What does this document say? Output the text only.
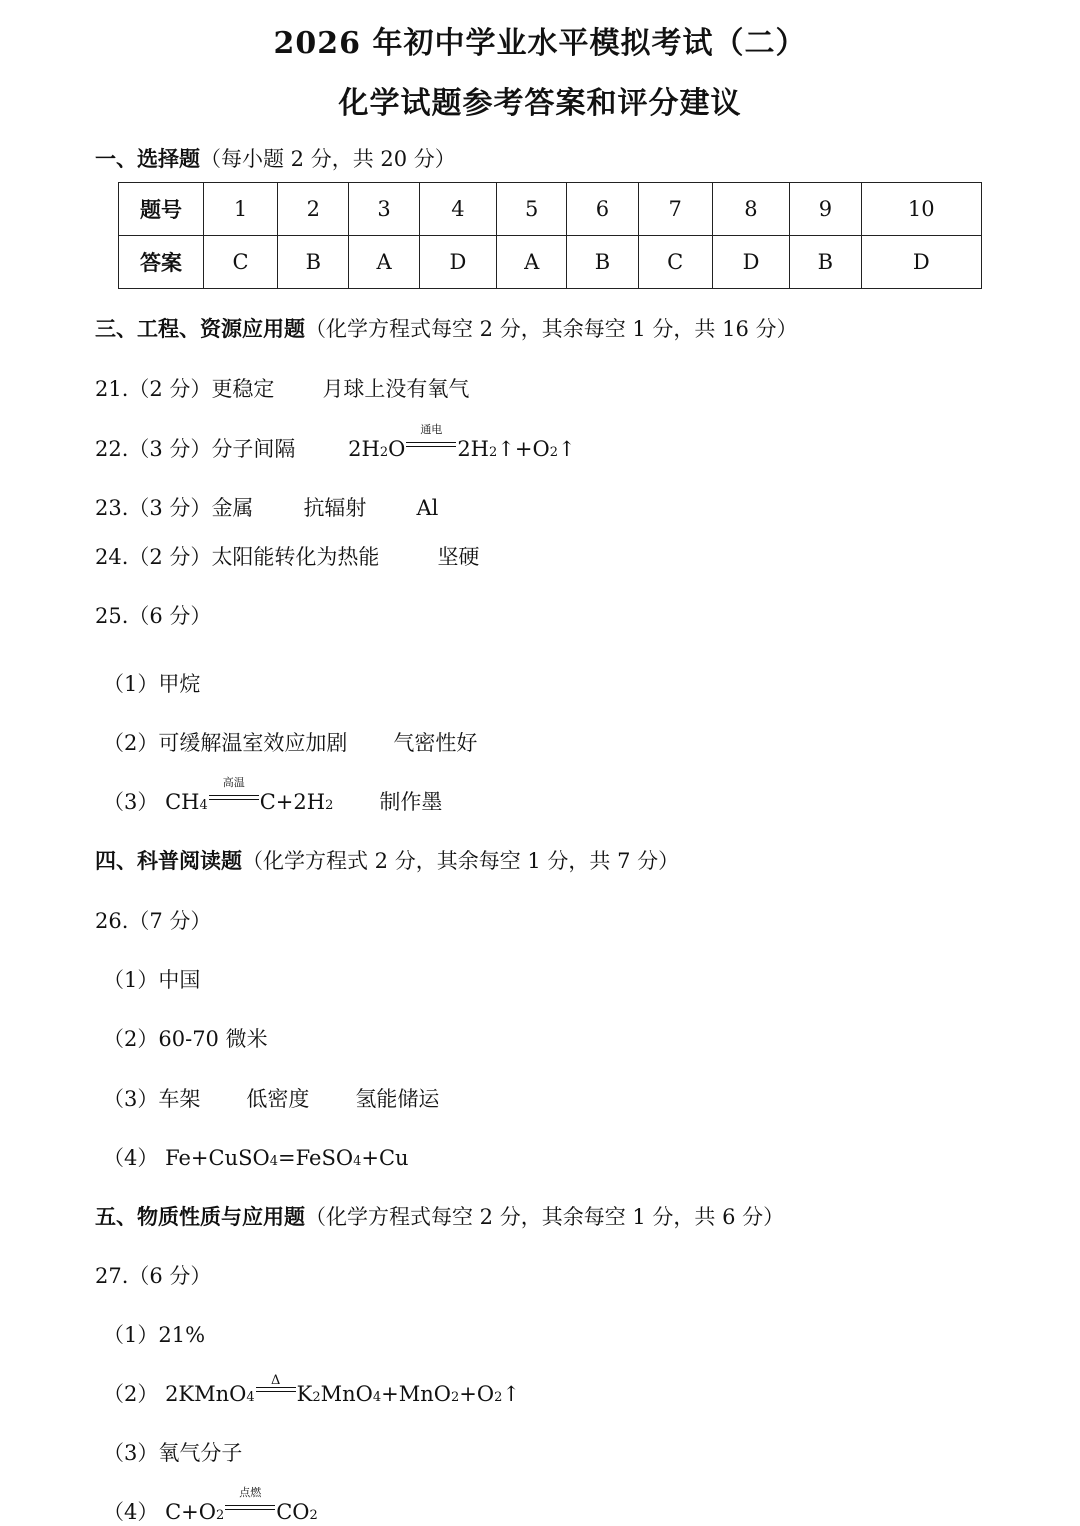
2026 年初中学业水平模拟考试（二）
化学试题参考答案和评分建议
一、选择题（每小题 2 分，共 20 分）
题号	1	2	3	4	5	6	7	8	9	10
答案	C	B	A	D	A	B	C	D	B	D
三、工程、资源应用题（化学方程式每空 2 分，其余每空 1 分，共 16 分）
21.（2 分）更稳定 月球上没有氧气
22.（3 分）分子间隔	2H 2 O
通电
2H 2 ↑+O 2 ↑
23.（3 分）金属 抗辐射 Al
24.（2 分）太阳能转化为热能	坚硬
25.（6 分）
（1）甲烷
（2）可缓解温室效应加剧 气密性好
（3） CH 4
高温
C+2H 2 制作墨
四、科普阅读题（化学方程式 2 分，其余每空 1 分，共 7 分）
26.（7 分）
（1）中国
（2）60-70 微米
（3）车架 低密度 氢能储运
（4） Fe+CuSO 4 =FeSO 4 +Cu
五、物质性质与应用题（化学方程式每空 2 分，其余每空 1 分，共 6 分）
27.（6 分）
（1）21%
（2） 2KMnO 4
Δ
K 2 MnO 4 +MnO 2 +O 2 ↑
（3）氧气分子
（4） C+O 2
点燃
CO 2
